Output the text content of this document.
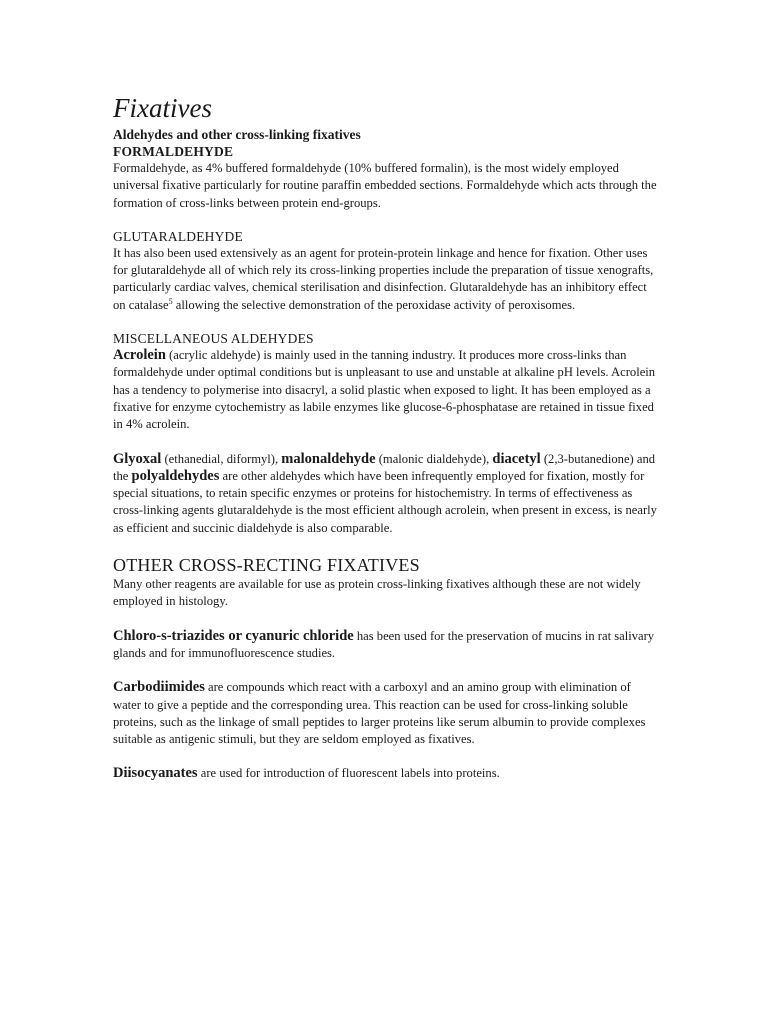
Fixatives
Aldehydes and other cross-linking fixatives
FORMALDEHYDE

Formaldehyde, as 4% buffered formaldehyde (10% buffered formalin), is the most widely employed universal fixative particularly for routine paraffin embedded sections. Formaldehyde which acts through the formation of cross-links between protein end-groups.

GLUTARALDEHYDE

It has also been used extensively as an agent for protein-protein linkage and hence for fixation. Other uses for glutaraldehyde all of which rely its cross-linking properties include the preparation of tissue xenografts, particularly cardiac valves, chemical sterilisation and disinfection. Glutaraldehyde has an inhibitory effect on catalase$^5$ allowing the selective demonstration of the peroxidase activity of peroxisomes.

MISCELLANEOUS ALDEHYDES

Acrolein (acrylic aldehyde) is mainly used in the tanning industry. It produces more cross-links than formaldehyde under optimal conditions but is unpleasant to use and unstable at alkaline pH levels. Acrolein has a tendency to polymerise into disacryl, a solid plastic when exposed to light. It has been employed as a fixative for enzyme cytochemistry as labile enzymes like glucose-6-phosphatase are retained in tissue fixed in 4% acrolein.

Glyoxal (ethanedial, diformyl), malonaldehyde (malonic dialdehyde), diacetyl (2,3-butanedione) and the polyaldehydes are other aldehydes which have been infrequently employed for fixation, mostly for special situations, to retain specific enzymes or proteins for histochemistry. In terms of effectiveness as cross-linking agents glutaraldehyde is the most efficient although acrolein, when present in excess, is nearly as efficient and succinic dialdehyde is also comparable.

OTHER CROSS-RECTING FIXATIVES

Many other reagents are available for use as protein cross-linking fixatives although these are not widely employed in histology.

Chloro-s-triazides or cyanuric chloride has been used for the preservation of mucins in rat salivary glands and for immunofluorescence studies.

Carbodiimides are compounds which react with a carboxyl and an amino group with elimination of water to give a peptide and the corresponding urea. This reaction can be used for cross-linking soluble proteins, such as the linkage of small peptides to larger proteins like serum albumin to provide complexes suitable as antigenic stimuli, but they are seldom employed as fixatives.

Diisocyanates are used for introduction of fluorescent labels into proteins.
